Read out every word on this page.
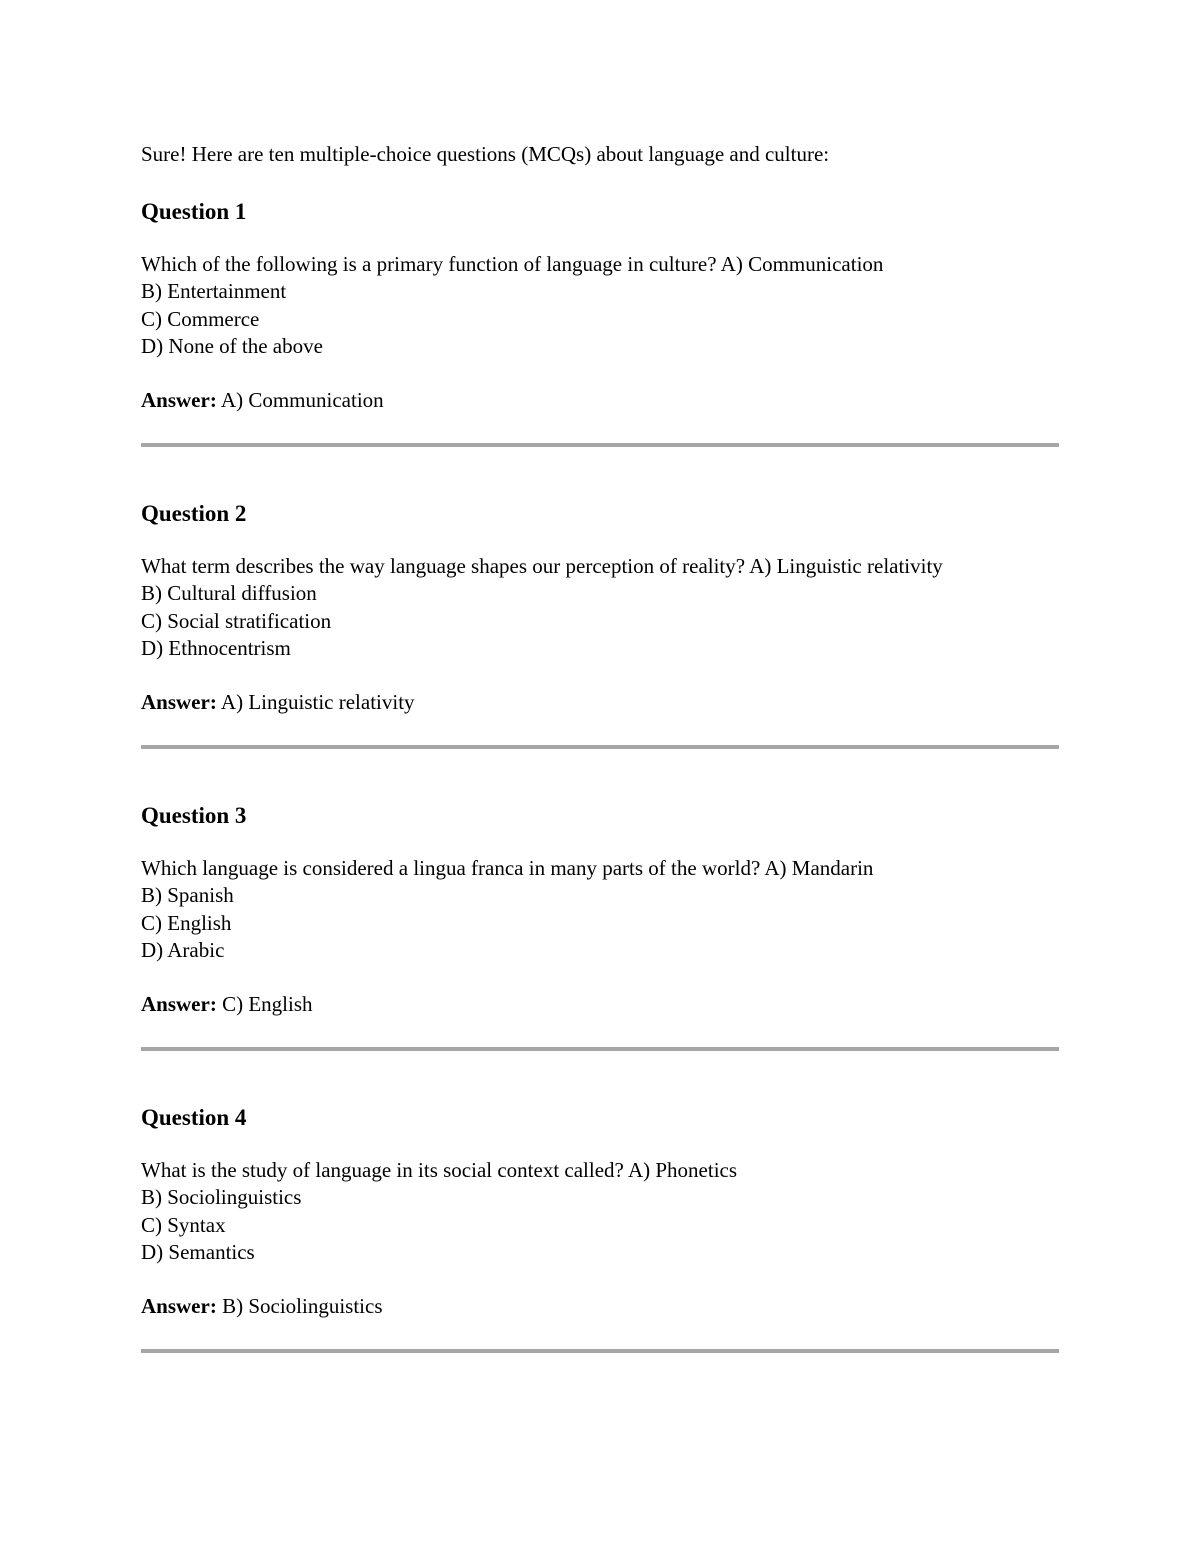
Sure! Here are ten multiple-choice questions (MCQs) about language and culture:
Question 1
Which of the following is a primary function of language in culture? A) Communication
B) Entertainment
C) Commerce
D) None of the above
Answer: A) Communication
Question 2
What term describes the way language shapes our perception of reality? A) Linguistic relativity
B) Cultural diffusion
C) Social stratification
D) Ethnocentrism
Answer: A) Linguistic relativity
Question 3
Which language is considered a lingua franca in many parts of the world? A) Mandarin
B) Spanish
C) English
D) Arabic
Answer: C) English
Question 4
What is the study of language in its social context called? A) Phonetics
B) Sociolinguistics
C) Syntax
D) Semantics
Answer: B) Sociolinguistics
